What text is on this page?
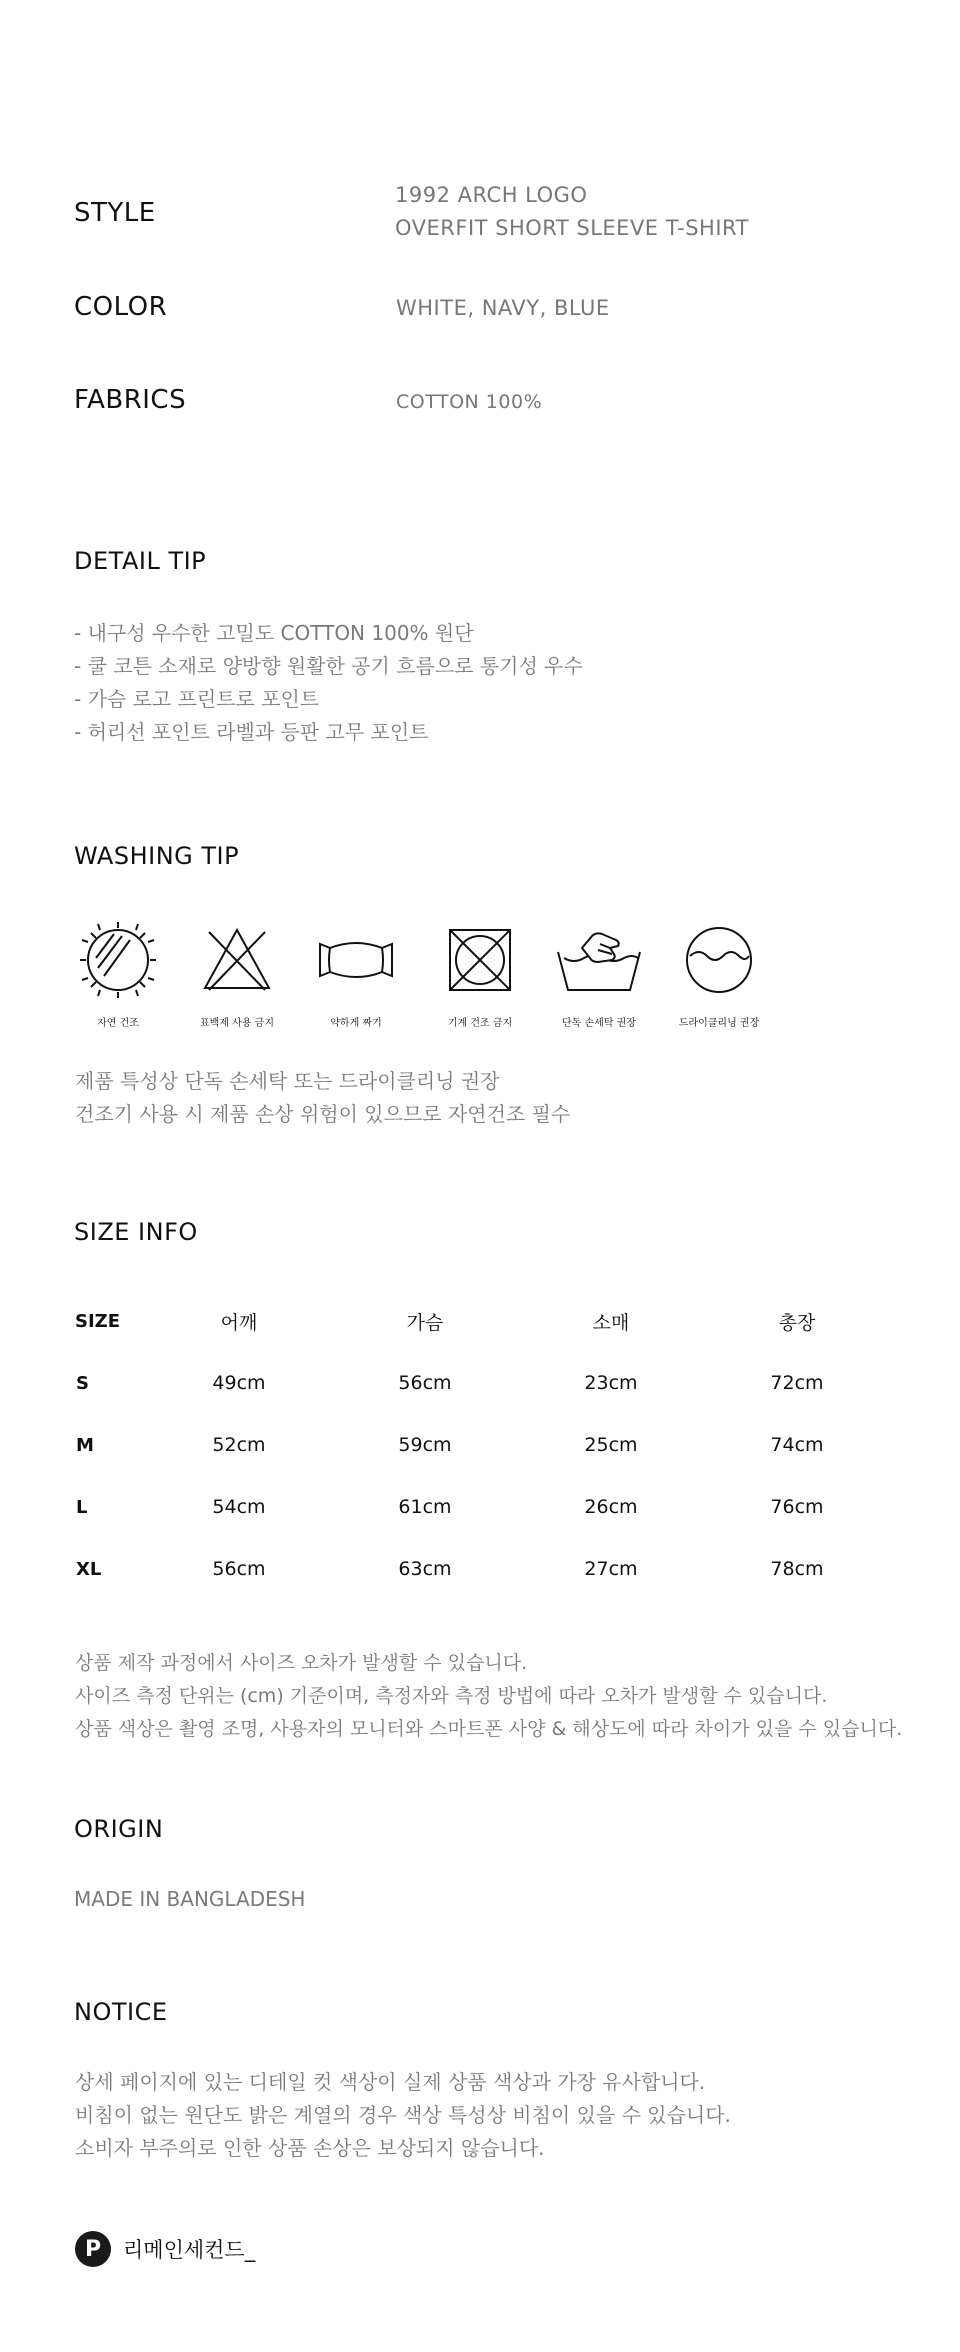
STYLE
1992 ARCH LOGO
OVERFIT SHORT SLEEVE T-SHIRT
COLOR	WHITE, NAVY, BLUE
FABRICS	COTTON 100%
DETAIL TIP
- 내구성 우수한 고밀도 COTTON 100% 원단
- 쿨 코튼 소재로 양방향 원활한 공기 흐름으로 통기성 우수
- 가슴 로고 프린트로 포인트
- 허리선 포인트 라벨과 등판 고무 포인트
WASHING TIP
자연 건조	표백제 사용 금지	약하게 짜기	기계 건조 금지	단독 손세탁 권장	드라이클리닝 권장
제품 특성상 단독 손세탁 또는 드라이클리닝 권장
건조기 사용 시 제품 손상 위험이 있으므로 자연건조 필수
SIZE INFO
SIZE	어깨	가슴	소매	총장
S	49cm	56cm	23cm	72cm
M	52cm	59cm	25cm	74cm
L	54cm	61cm	26cm	76cm
XL	56cm	63cm	27cm	78cm
상품 제작 과정에서 사이즈 오차가 발생할 수 있습니다.
사이즈 측정 단위는 (cm) 기준이며, 측정자와 측정 방법에 따라 오차가 발생할 수 있습니다.
상품 색상은 촬영 조명, 사용자의 모니터와 스마트폰 사양 & 해상도에 따라 차이가 있을 수 있습니다.
ORIGIN
MADE IN BANGLADESH
NOTICE
상세 페이지에 있는 디테일 컷 색상이 실제 상품 색상과 가장 유사합니다.
비침이 없는 원단도 밝은 계열의 경우 색상 특성상 비침이 있을 수 있습니다.
소비자 부주의로 인한 상품 손상은 보상되지 않습니다.
P	리메인세컨드_
